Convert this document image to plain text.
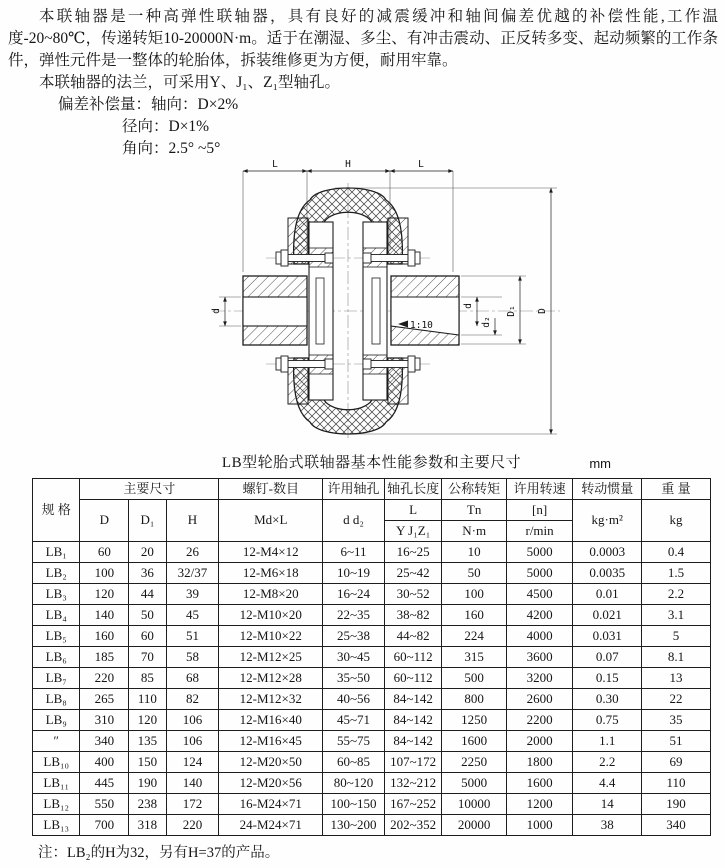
本联轴器是一种高弹性联轴器，具有良好的减震缓冲和轴间偏差优越的补偿性能,工作温度-20~80℃，传递转矩10-20000N·m。适于在潮湿、多尘、有冲击震动、正反转多变、起动频繁的工作条件，弹性元件是一整体的轮胎体，拆装维修更为方便，耐用牢靠。

本联轴器的法兰，可采用Y、J₁、Z₁型轴孔。

偏差补偿量：轴向：D×2%
径向：D×1%
角向：2.5° ~5°
1:10
L	H	L
d
d
d₂
D₁ D
LB型轮胎式联轴器基本性能参数和主要尺寸	mm
规 格	主要尺寸			螺钉-数目	许用轴孔	轴孔长度	公称转矩	许用转速	转动惯量	重 量
	D	D₁	H	Md×L	d d₂	L	Tn	[n]	kg·m²	kg
						Y J₁Z₁	N·m	r/min		
LB₁	60	20	26	12-M4×12	6~11	16~25	10	5000	0.0003	0.4
LB₂	100	36	32/37	12-M6×18	10~19	25~42	50	5000	0.0035	1.5
LB₃	120	44	39	12-M8×20	16~24	30~52	100	4500	0.01	2.2
LB₄	140	50	45	12-M10×20	22~35	38~82	160	4200	0.021	3.1
LB₅	160	60	51	12-M10×22	25~38	44~82	224	4000	0.031	5
LB₆	185	70	58	12-M12×25	30~45	60~112	315	3600	0.07	8.1
LB₇	220	85	68	12-M12×28	35~50	60~112	500	3200	0.15	13
LB₈	265	110	82	12-M12×32	40~56	84~142	800	2600	0.30	22
LB₉	310	120	106	12-M16×40	45~71	84~142	1250	2200	0.75	35
″	340	135	106	12-M16×45	55~75	84~142	1600	2000	1.1	51
LB₁₀	400	150	124	12-M20×50	60~85	107~172	2250	1800	2.2	69
LB₁₁	445	190	140	12-M20×56	80~120	132~212	5000	1600	4.4	110
LB₁₂	550	238	172	16-M24×71	100~150	167~252	10000	1200	14	190
LB₁₃	700	318	220	24-M24×71	130~200	202~352	20000	1000	38	340
注：LB₂的H为32，另有H=37的产品。
